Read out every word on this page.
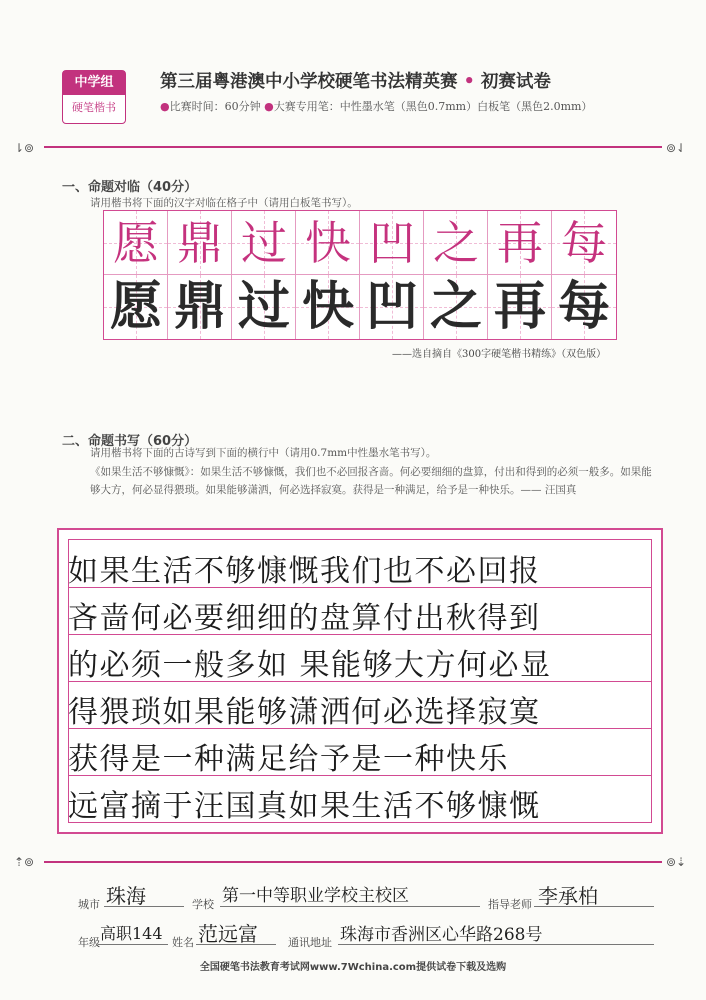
中学组
硬笔楷书
第三届粤港澳中小学校硬笔书法精英赛 • 初赛试卷
●比赛时间：60分钟 ●大赛专用笔：中性墨水笔（黑色0.7mm）白板笔（黑色2.0mm）
⇂⊚	⊚⇃
一、命题对临（40分）
请用楷书将下面的汉字对临在格子中（请用白板笔书写）。
愿 鼎 过 快 凹 之 再 每
愿 鼎 过 快 凹 之 再 每
——选自摘自《300字硬笔楷书精练》（双色版）
二、命题书写（60分）
请用楷书将下面的古诗写到下面的横行中（请用0.7mm中性墨水笔书写）。
《如果生活不够慷慨》：如果生活不够慷慨，我们也不必回报吝啬。何必要细细的盘算，付出和得到的必须一般多。如果能够大方，何必显得猥琐。如果能够潇洒，何必选择寂寞。获得是一种满足，给予是一种快乐。—— 汪国真
如果生活不够慷慨我们也不必回报
吝啬何必要细细的盘算付出秋得到
的必须一般多如 果能够大方何必显
得猥琐如果能够潇洒何必选择寂寞
获得是一种满足给予是一种快乐
远富摘于汪国真如果生活不够慷慨
⇡⊚	⊚⇣
城市 珠海	学校 第一中等职业学校主校区	指导老师 李承柏
年级 高职144 姓名 范远富	通讯地址 珠海市香洲区心华路268号
全国硬笔书法教育考试网www.7Wchina.com提供试卷下载及选购
